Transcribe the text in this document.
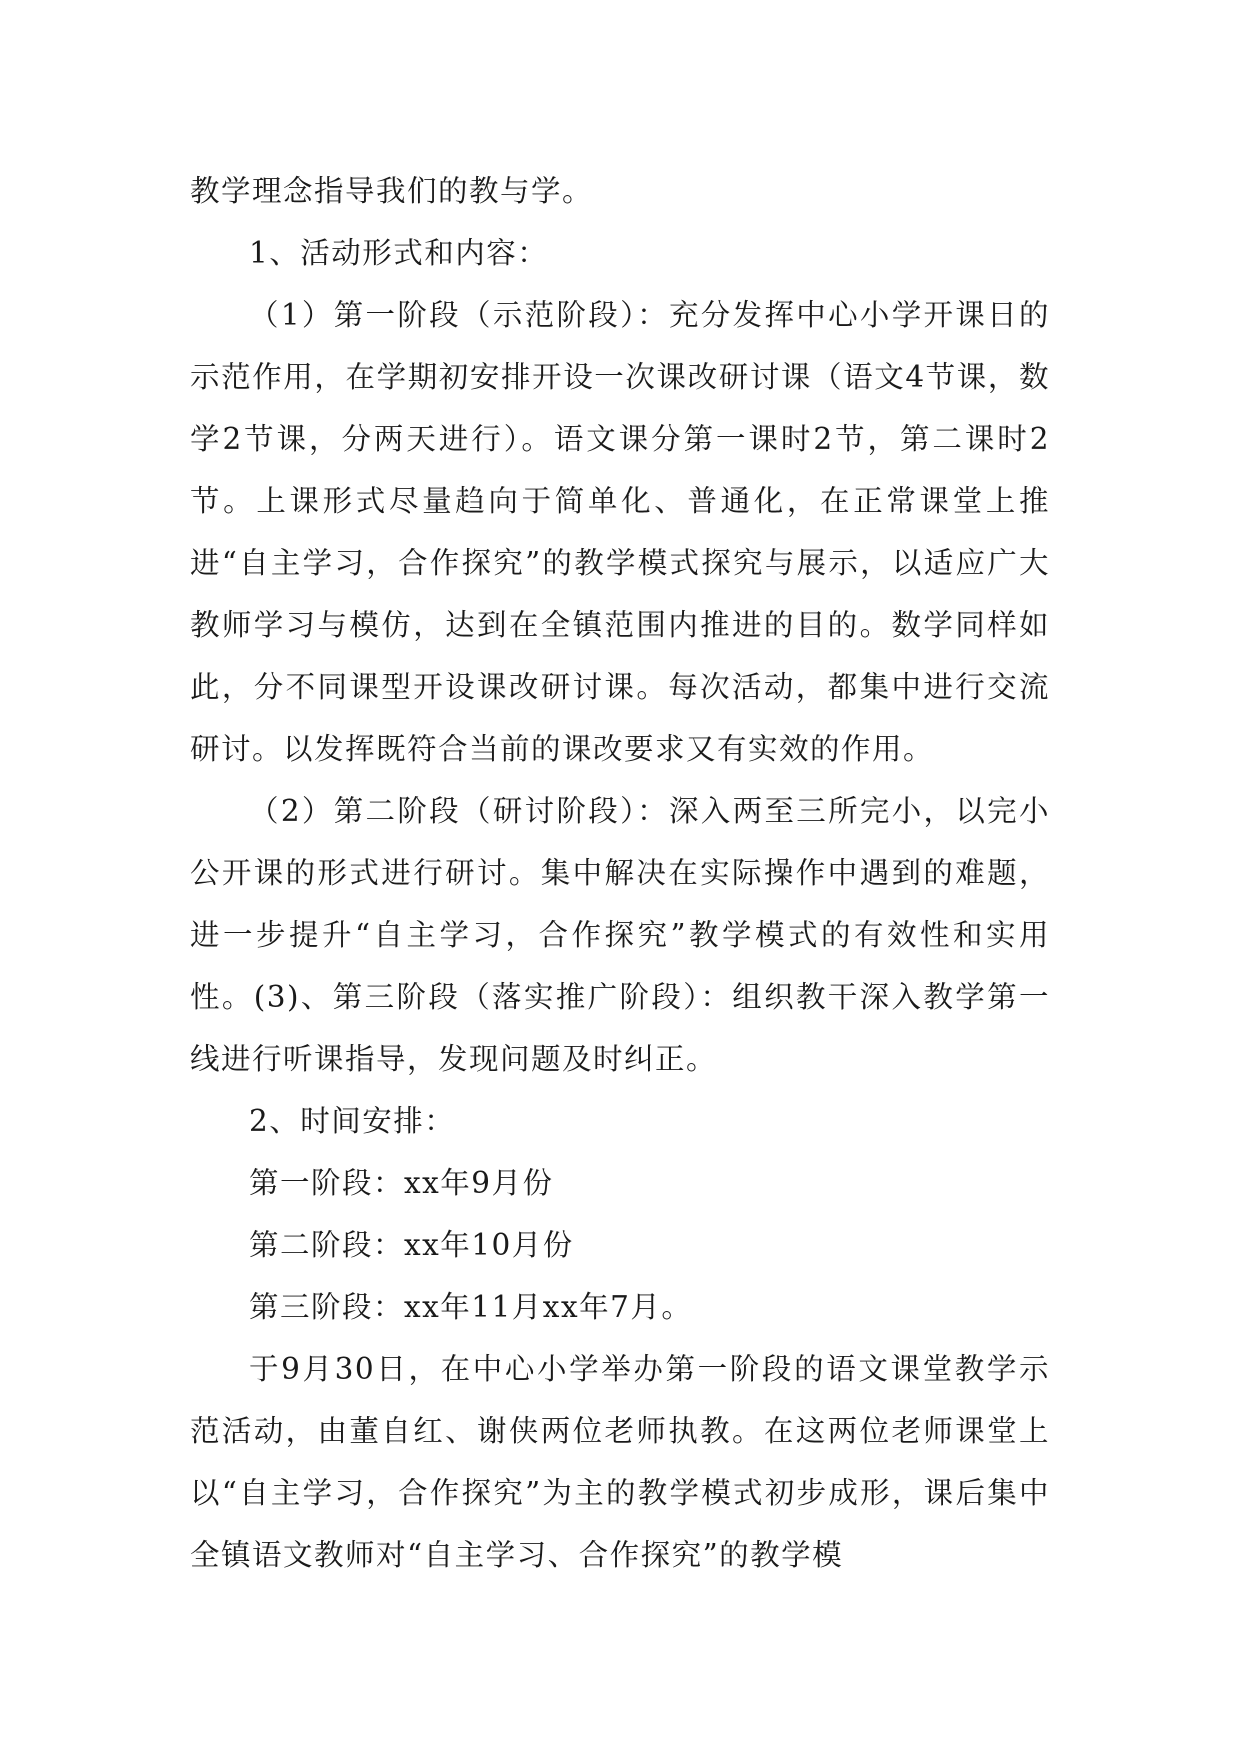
教学理念指导我们的教与学。

1、活动形式和内容：

（1）第一阶段（示范阶段）：充分发挥中心小学开课日的示范作用，在学期初安排开设一次课改研讨课（语文4节课，数学2节课，分两天进行）。语文课分第一课时2节，第二课时2节。上课形式尽量趋向于简单化、普通化，在正常课堂上推进“自主学习，合作探究”的教学模式探究与展示，以适应广大教师学习与模仿，达到在全镇范围内推进的目的。数学同样如此，分不同课型开设课改研讨课。每次活动，都集中进行交流研讨。以发挥既符合当前的课改要求又有实效的作用。

（2）第二阶段（研讨阶段）：深入两至三所完小，以完小公开课的形式进行研讨。集中解决在实际操作中遇到的难题，进一步提升“自主学习，合作探究”教学模式的有效性和实用性。(3)、第三阶段（落实推广阶段）：组织教干深入教学第一线进行听课指导，发现问题及时纠正。

2、时间安排：

第一阶段：xx年9月份

第二阶段：xx年10月份

第三阶段：xx年11月xx年7月。

于9月30日，在中心小学举办第一阶段的语文课堂教学示范活动，由董自红、谢侠两位老师执教。在这两位老师课堂上以“自主学习，合作探究”为主的教学模式初步成形，课后集中全镇语文教师对“自主学习、合作探究”的教学模
